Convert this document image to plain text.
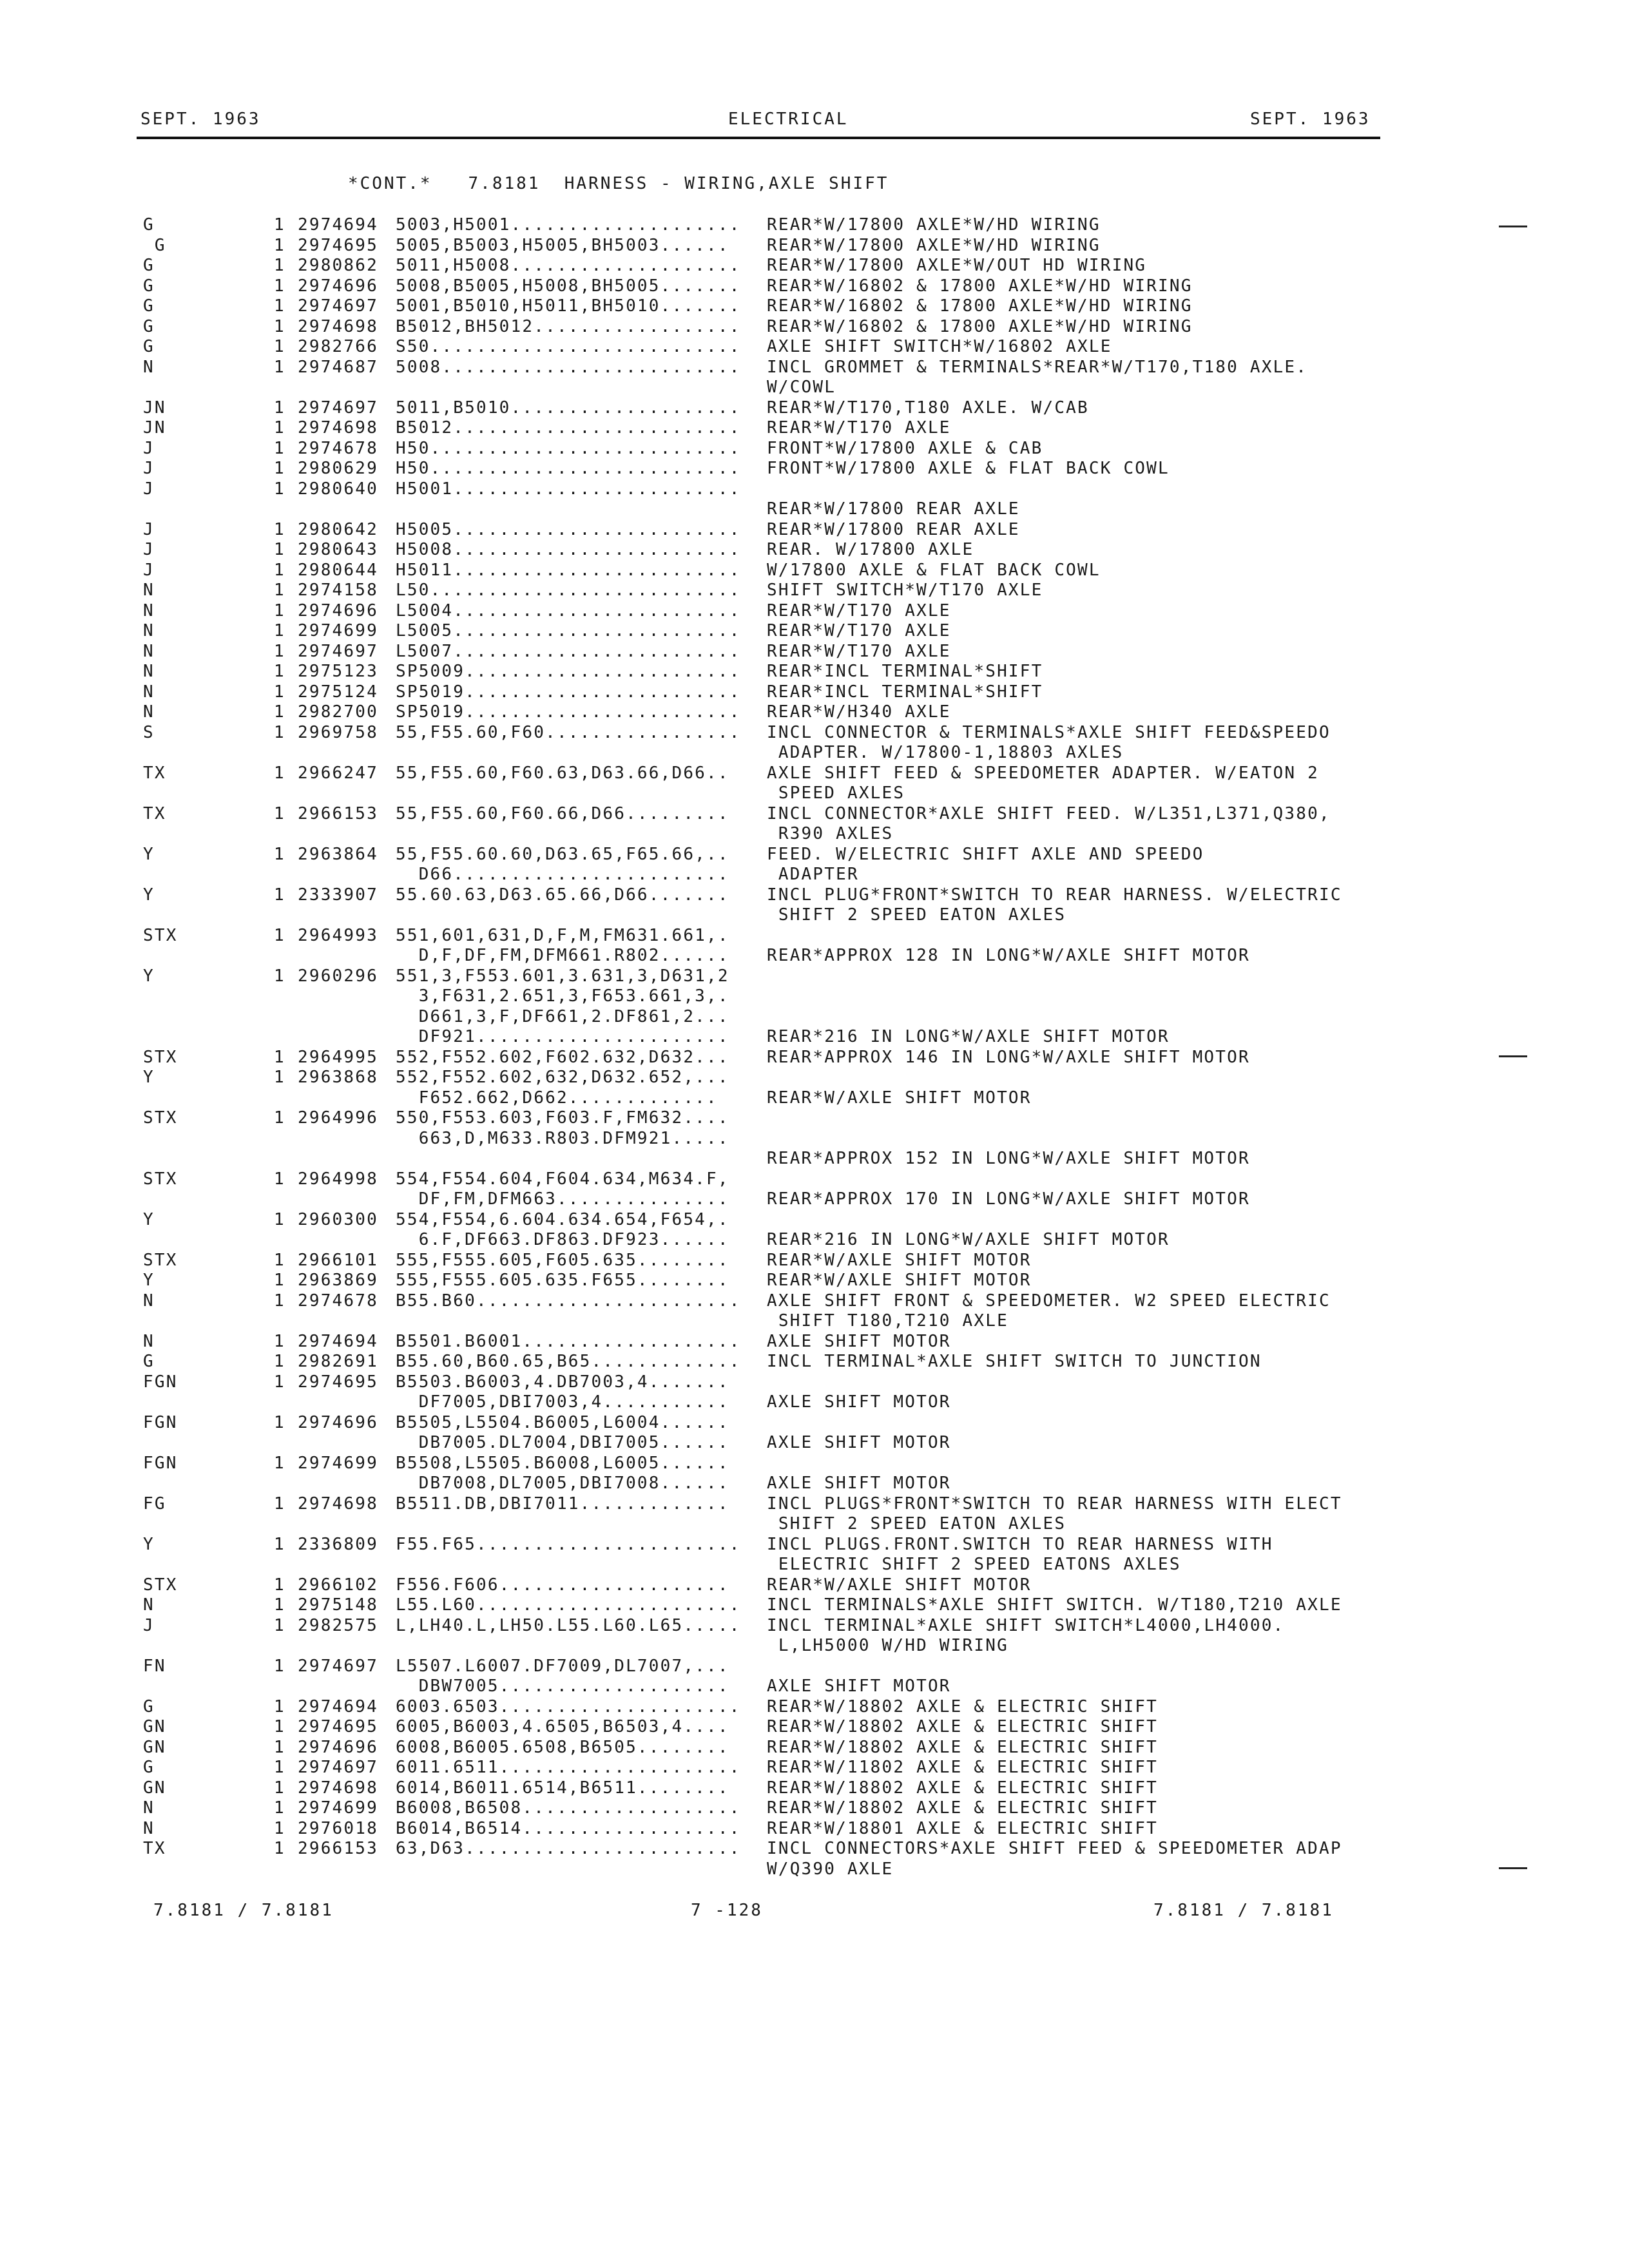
SEPT. 1963	ELECTRICAL	SEPT. 1963
*CONT.*   7.8181  HARNESS - WIRING,AXLE SHIFT
G	1 2974694 5003,H5001.................... REAR*W/17800 AXLE*W/HD WIRING
G	1 2974695 5005,B5003,H5005,BH5003...... REAR*W/17800 AXLE*W/HD WIRING
G	1 2980862 5011,H5008.................... REAR*W/17800 AXLE*W/OUT HD WIRING
G	1 2974696 5008,B5005,H5008,BH5005....... REAR*W/16802 & 17800 AXLE*W/HD WIRING
G	1 2974697 5001,B5010,H5011,BH5010....... REAR*W/16802 & 17800 AXLE*W/HD WIRING
G	1 2974698 B5012,BH5012.................. REAR*W/16802 & 17800 AXLE*W/HD WIRING
G	1 2982766 S50........................... AXLE SHIFT SWITCH*W/16802 AXLE
N	1 2974687 5008.......................... INCL GROMMET & TERMINALS*REAR*W/T170,T180 AXLE.
W/COWL
JN	1 2974697 5011,B5010.................... REAR*W/T170,T180 AXLE. W/CAB
JN	1 2974698 B5012......................... REAR*W/T170 AXLE
J	1 2974678 H50........................... FRONT*W/17800 AXLE & CAB
J	1 2980629 H50........................... FRONT*W/17800 AXLE & FLAT BACK COWL
J	1 2980640 H5001.........................
REAR*W/17800 REAR AXLE
J	1 2980642 H5005......................... REAR*W/17800 REAR AXLE
J	1 2980643 H5008......................... REAR. W/17800 AXLE
J	1 2980644 H5011......................... W/17800 AXLE & FLAT BACK COWL
N	1 2974158 L50........................... SHIFT SWITCH*W/T170 AXLE
N	1 2974696 L5004......................... REAR*W/T170 AXLE
N	1 2974699 L5005......................... REAR*W/T170 AXLE
N	1 2974697 L5007......................... REAR*W/T170 AXLE
N	1 2975123 SP5009........................ REAR*INCL TERMINAL*SHIFT
N	1 2975124 SP5019........................ REAR*INCL TERMINAL*SHIFT
N	1 2982700 SP5019........................ REAR*W/H340 AXLE
S	1 2969758 55,F55.60,F60................. INCL CONNECTOR & TERMINALS*AXLE SHIFT FEED&SPEEDO
ADAPTER. W/17800-1,18803 AXLES
TX	1 2966247 55,F55.60,F60.63,D63.66,D66.. AXLE SHIFT FEED & SPEEDOMETER ADAPTER. W/EATON 2
SPEED AXLES
TX	1 2966153 55,F55.60,F60.66,D66......... INCL CONNECTOR*AXLE SHIFT FEED. W/L351,L371,Q380,
R390 AXLES
Y	1 2963864 55,F55.60.60,D63.65,F65.66,.. FEED. W/ELECTRIC SHIFT AXLE AND SPEEDO
D66........................ ADAPTER
Y	1 2333907 55.60.63,D63.65.66,D66....... INCL PLUG*FRONT*SWITCH TO REAR HARNESS. W/ELECTRIC
SHIFT 2 SPEED EATON AXLES
STX	1 2964993 551,601,631,D,F,M,FM631.661,.
D,F,DF,FM,DFM661.R802...... REAR*APPROX 128 IN LONG*W/AXLE SHIFT MOTOR
Y	1 2960296 551,3,F553.601,3.631,3,D631,2
3,F631,2.651,3,F653.661,3,.
D661,3,F,DF661,2.DF861,2...
DF921...................... REAR*216 IN LONG*W/AXLE SHIFT MOTOR
STX	1 2964995 552,F552.602,F602.632,D632... REAR*APPROX 146 IN LONG*W/AXLE SHIFT MOTOR
Y	1 2963868 552,F552.602,632,D632.652,...
F652.662,D662.............	REAR*W/AXLE SHIFT MOTOR
STX	1 2964996 550,F553.603,F603.F,FM632....
663,D,M633.R803.DFM921.....
REAR*APPROX 152 IN LONG*W/AXLE SHIFT MOTOR
STX	1 2964998 554,F554.604,F604.634,M634.F,
DF,FM,DFM663............... REAR*APPROX 170 IN LONG*W/AXLE SHIFT MOTOR
Y	1 2960300 554,F554,6.604.634.654,F654,.
6.F,DF663.DF863.DF923...... REAR*216 IN LONG*W/AXLE SHIFT MOTOR
STX	1 2966101 555,F555.605,F605.635........ REAR*W/AXLE SHIFT MOTOR
Y	1 2963869 555,F555.605.635.F655........ REAR*W/AXLE SHIFT MOTOR
N	1 2974678 B55.B60....................... AXLE SHIFT FRONT & SPEEDOMETER. W2 SPEED ELECTRIC
SHIFT T180,T210 AXLE
N	1 2974694 B5501.B6001................... AXLE SHIFT MOTOR
G	1 2982691 B55.60,B60.65,B65............. INCL TERMINAL*AXLE SHIFT SWITCH TO JUNCTION
FGN	1 2974695 B5503.B6003,4.DB7003,4.......
DF7005,DBI7003,4........... AXLE SHIFT MOTOR
FGN	1 2974696 B5505,L5504.B6005,L6004......
DB7005.DL7004,DBI7005...... AXLE SHIFT MOTOR
FGN	1 2974699 B5508,L5505.B6008,L6005......
DB7008,DL7005,DBI7008...... AXLE SHIFT MOTOR
FG	1 2974698 B5511.DB,DBI7011............. INCL PLUGS*FRONT*SWITCH TO REAR HARNESS WITH ELECT
SHIFT 2 SPEED EATON AXLES
Y	1 2336809 F55.F65....................... INCL PLUGS.FRONT.SWITCH TO REAR HARNESS WITH
ELECTRIC SHIFT 2 SPEED EATONS AXLES
STX	1 2966102 F556.F606.................... REAR*W/AXLE SHIFT MOTOR
N	1 2975148 L55.L60....................... INCL TERMINALS*AXLE SHIFT SWITCH. W/T180,T210 AXLE
J	1 2982575 L,LH40.L,LH50.L55.L60.L65..... INCL TERMINAL*AXLE SHIFT SWITCH*L4000,LH4000.
L,LH5000 W/HD WIRING
FN	1 2974697 L5507.L6007.DF7009,DL7007,...
DBW7005.................... AXLE SHIFT MOTOR
G	1 2974694 6003.6503..................... REAR*W/18802 AXLE & ELECTRIC SHIFT
GN	1 2974695 6005,B6003,4.6505,B6503,4.... REAR*W/18802 AXLE & ELECTRIC SHIFT
GN	1 2974696 6008,B6005.6508,B6505........ REAR*W/18802 AXLE & ELECTRIC SHIFT
G	1 2974697 6011.6511..................... REAR*W/11802 AXLE & ELECTRIC SHIFT
GN	1 2974698 6014,B6011.6514,B6511........ REAR*W/18802 AXLE & ELECTRIC SHIFT
N	1 2974699 B6008,B6508................... REAR*W/18802 AXLE & ELECTRIC SHIFT
N	1 2976018 B6014,B6514................... REAR*W/18801 AXLE & ELECTRIC SHIFT
TX	1 2966153 63,D63........................ INCL CONNECTORS*AXLE SHIFT FEED & SPEEDOMETER ADAP
W/Q390 AXLE
7.8181 / 7.8181	7 -128	7.8181 / 7.8181
